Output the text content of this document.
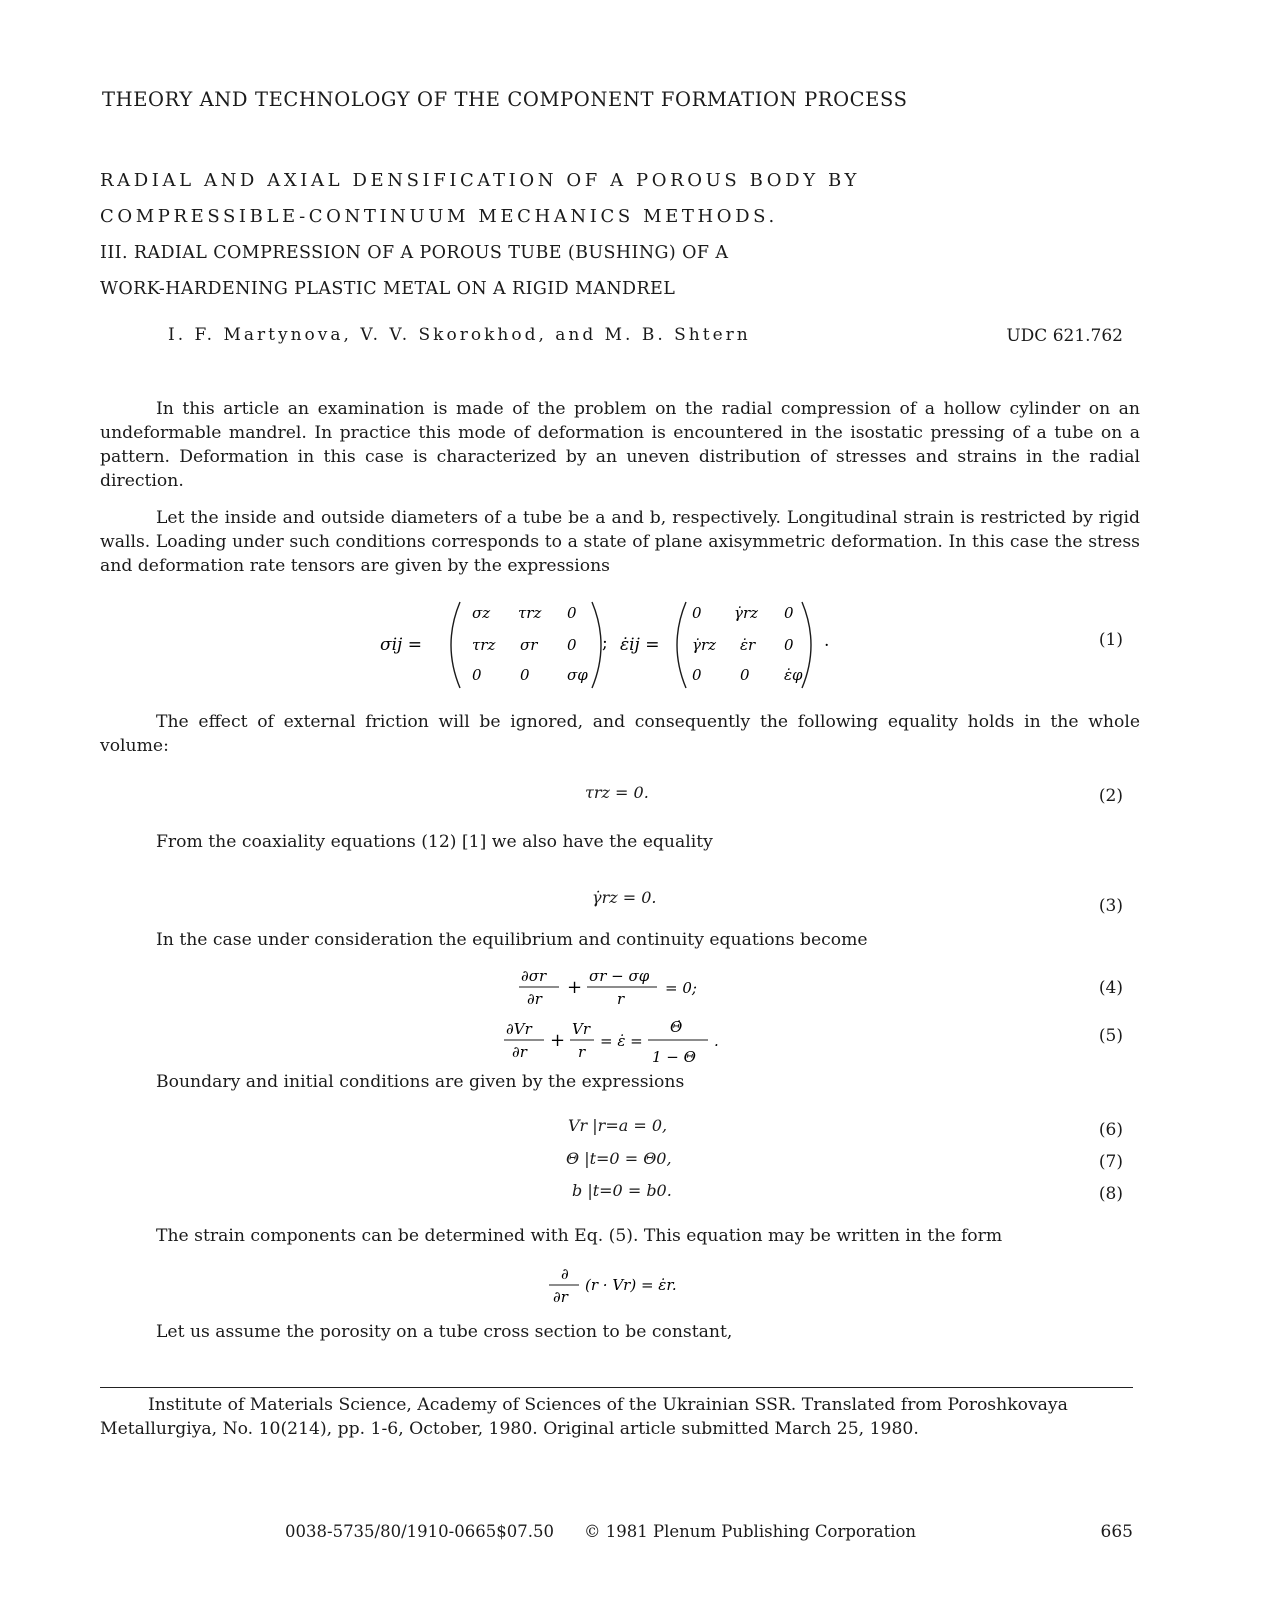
THEORY AND TECHNOLOGY OF THE COMPONENT FORMATION PROCESS
RADIAL AND AXIAL DENSIFICATION OF A POROUS BODY BY
COMPRESSIBLE-CONTINUUM MECHANICS METHODS.
III. RADIAL COMPRESSION OF A POROUS TUBE (BUSHING) OF A
WORK-HARDENING PLASTIC METAL ON A RIGID MANDREL
I. F. Martynova, V. V. Skorokhod, and M. B. Shtern	UDC 621.762
In this article an examination is made of the problem on the radial compression of a hollow cylinder on an undeformable mandrel. In practice this mode of deformation is encountered in the isostatic pressing of a tube on a pattern. Deformation in this case is characterized by an uneven distribution of stresses and strains in the radial direction.
Let the inside and outside diameters of a tube be a and b, respectively. Longitudinal strain is restricted by rigid walls. Loading under such conditions corresponds to a state of plane axisymmetric deformation. In this case the stress and deformation rate tensors are given by the expressions
σij =
σz τrz 0
τrz σr 0
0	0 σφ
; ε̇ij =
0 γ̇rz 0
γ̇rz ε̇r 0
0	0 ε̇φ
.	(1)
The effect of external friction will be ignored, and consequently the following equality holds in the whole volume:
τrz = 0.	(2)
From the coaxiality equations (12) [1] we also have the equality
γ̇rz = 0.	(3)
In the case under consideration the equilibrium and continuity equations become
∂σr
∂r
+
σr − σφ
r
= 0;	(4)
∂Vr
∂r
+
Vr
r
= ε̇ =
Θ̇
1 − Θ
.	(5)
Boundary and initial conditions are given by the expressions
Vr |r=a = 0,	(6)
Θ |t=0 = Θ0,	(7)
b |t=0 = b0.	(8)
The strain components can be determined with Eq. (5). This equation may be written in the form
∂
∂r
(r · Vr) = ε̇r.
Let us assume the porosity on a tube cross section to be constant,
Institute of Materials Science, Academy of Sciences of the Ukrainian SSR. Translated from Poroshkovaya Metallurgiya, No. 10(214), pp. 1-6, October, 1980. Original article submitted March 25, 1980.
0038-5735/80/1910-0665$07.50 © 1981 Plenum Publishing Corporation	665
